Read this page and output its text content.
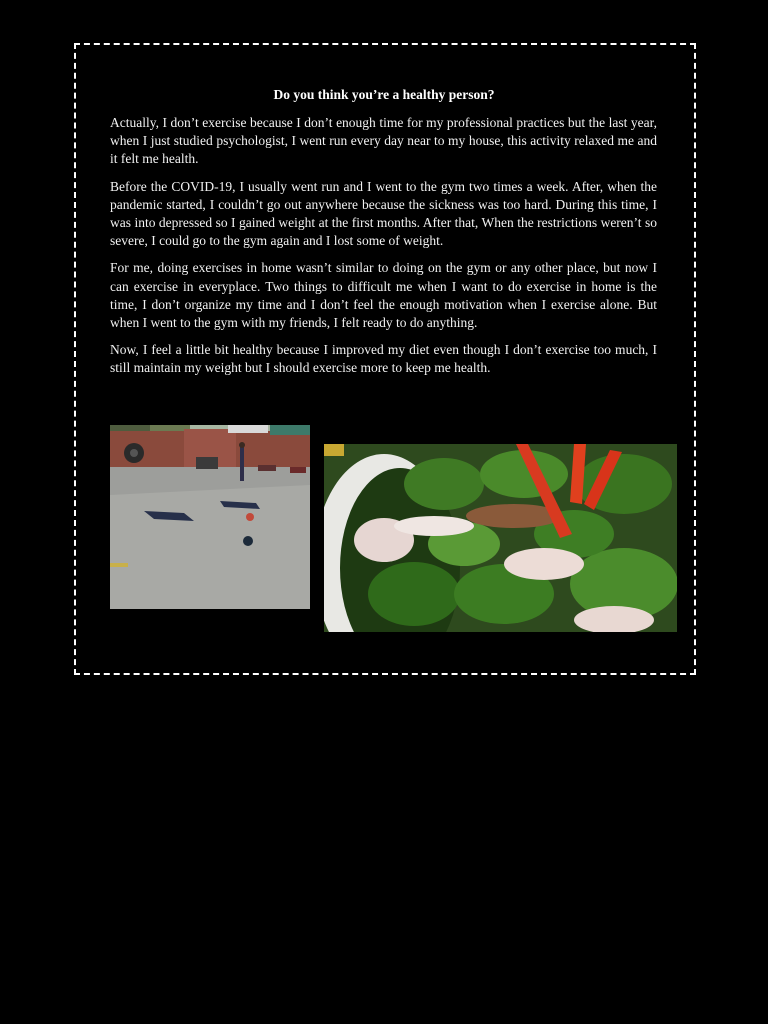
Do you think you’re a healthy person?

Actually, I don’t exercise because I don’t enough time for my professional practices but the last year, when I just studied psychologist, I went run every day near to my house, this activity relaxed me and it felt me health.

Before the COVID-19, I usually went run and I went to the gym two times a week. After, when the pandemic started, I couldn’t go out anywhere because the sickness was too hard. During this time, I was into depressed so I gained weight at the first months. After that, When the restrictions weren’t so severe, I could go to the gym again and I lost some of weight.

For me, doing exercises in home wasn’t similar to doing on the gym or any other place, but now I can exercise in everyplace. Two things to difficult me when I want to do exercise in home is the time, I don’t organize my time and I don’t feel the enough motivation when I exercise alone. But when I went to the gym with my friends, I felt ready to do anything.

Now, I feel a little bit healthy because I improved my diet even though I don’t exercise too much, I still maintain my weight but I should exercise more to keep me health.
